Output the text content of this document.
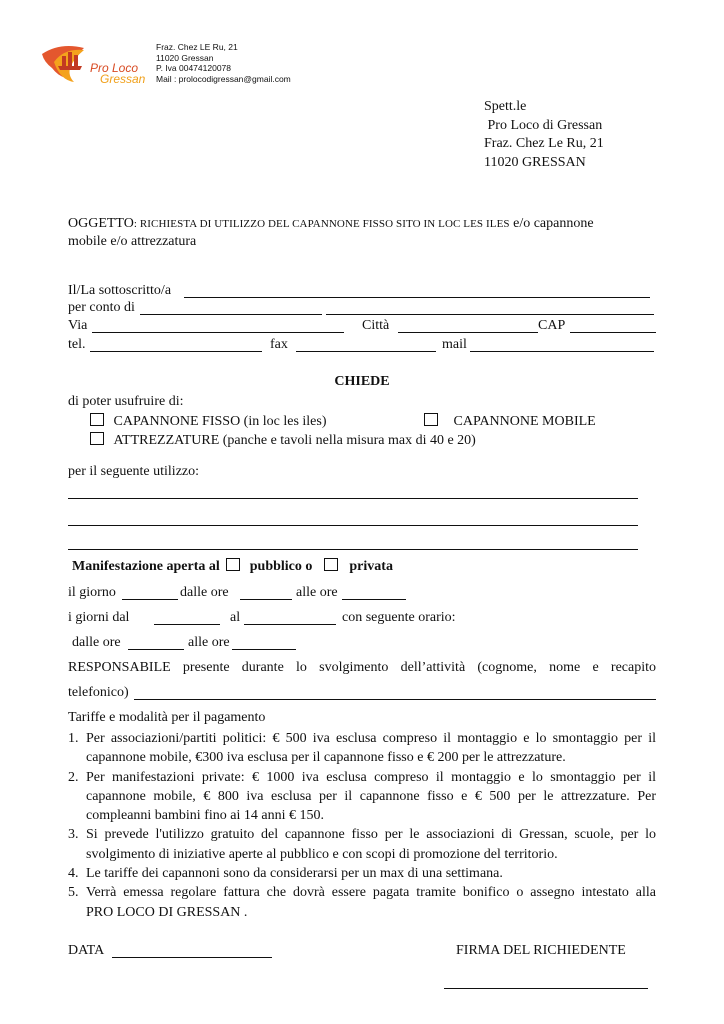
Pro Loco
Gressan
Fraz. Chez LE Ru, 21
11020 Gressan
P. Iva 00474120078
Mail : prolocodigressan@gmail.com
Spett.le
Pro Loco di Gressan
Fraz. Chez Le Ru, 21
11020 GRESSAN
OGGETTO: RICHIESTA DI UTILIZZO DEL CAPANNONE FISSO SITO IN LOC LES ILES e/o capannone
mobile e/o attrezzatura
Il/La sottoscritto/a
per conto di
Via	Città	CAP
tel.	fax	mail
CHIEDE
di poter usufruire di:
CAPANNONE FISSO (in loc les iles)	CAPANNONE MOBILE
ATTREZZATURE (panche e tavoli nella misura max di 40 e 20)
per il seguente utilizzo:
Manifestazione aperta al pubblico o	privata
il giorno	dalle ore	alle ore
i giorni dal	al	con seguente orario:
dalle ore	alle ore
RESPONSABILE presente durante lo svolgimento dell’attività (cognome, nome e recapito
telefonico)
Tariffe e modalità per il pagamento
1. Per associazioni/partiti politici: € 500 iva esclusa compreso il montaggio e lo smontaggio per il
capannone mobile, €300 iva esclusa per il capannone fisso e € 200 per le attrezzature.
2. Per manifestazioni private: € 1000 iva esclusa compreso il montaggio e lo smontaggio per il
capannone mobile, € 800 iva esclusa per il capannone fisso e € 500 per le attrezzature. Per
compleanni bambini fino ai 14 anni € 150.
3. Si prevede l'utilizzo gratuito del capannone fisso per le associazioni di Gressan, scuole, per lo
svolgimento di iniziative aperte al pubblico e con scopi di promozione del territorio.
4. Le tariffe dei capannoni sono da considerarsi per un max di una settimana.
5. Verrà emessa regolare fattura che dovrà essere pagata tramite bonifico o assegno intestato alla
PRO LOCO DI GRESSAN .
DATA	FIRMA DEL RICHIEDENTE
